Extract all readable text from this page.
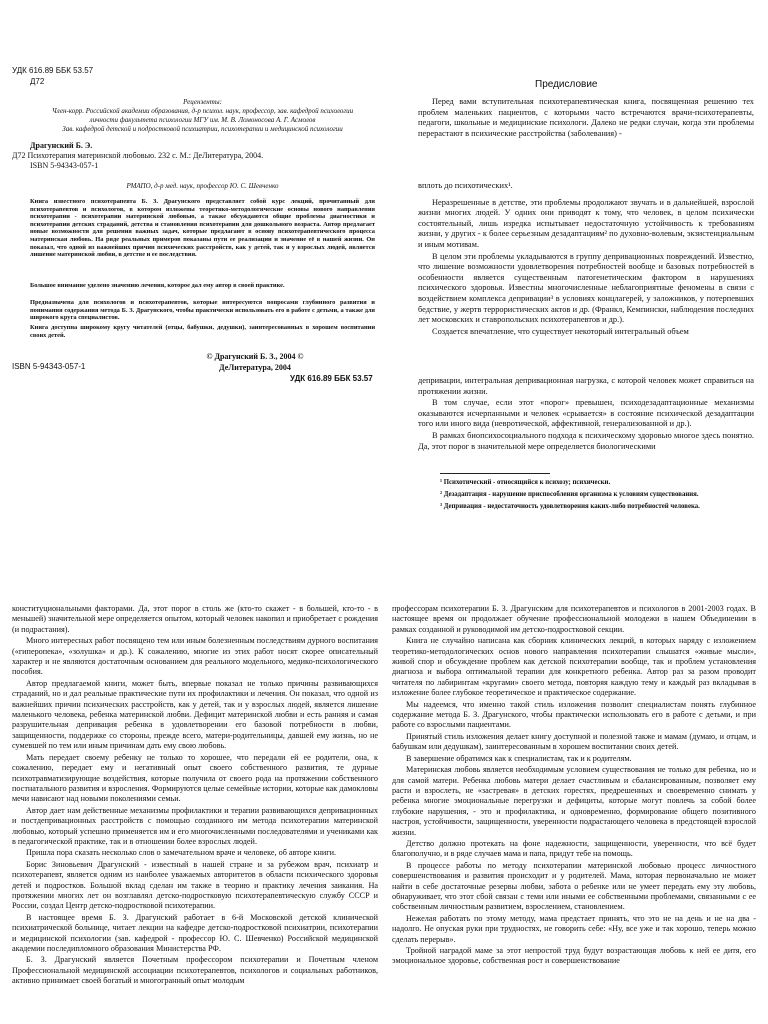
УДК 616.89 ББК 53.57
Д72
Рецензенты:
Член-корр. Российской академии образования, д-р психол. наук, профессор, зав. кафедрой психологии личности факультета психологии МГУ им. М. В. Ломоносова А. Г. Асмолов
Зав. кафедрой детской и подростковой психиатрии, психотерапии и медицинской психологии
Драгунский Б. Э.
Д72 Психотерапия материнской любовью. 232 с. М.: ДеЛитература, 2004.
ISBN 5-94343-057-1
РМАПО, д-р мед. наук, профессор Ю. С. Шевченко
Книга известного психотерапевта Б. З. Драгунского представляет собой курс лекций, прочитанный для психотерапевтов и психологов, в котором изложены теоретико-методологические основы нового направления психотерапии - психотерапии материнской любовью, а также обсуждаются общие проблемы диагностики и психотерапии детских страданий, детства и становления психотерапии для дошкольного возраста. Автор предлагает новые возможности для решения важных задач, которые предлагают в основу психотерапевтического процесса материнская любовь. На ряде реальных примеров показаны пути ее реализации и значение её в нашей жизни. Он показал, что одной из важнейших причин психических расстройств, как у детей, так и у взрослых людей, является лишение материнской любви, в детстве и ее последствия.
Большое внимание уделено значению лечения, которое дал ему автор в своей практике.
Предназначена для психологов и психотерапевтов, которые интересуются вопросами глубинного развития и понимания содержания метода Б. З. Драгунского, чтобы практически использовать его в работе с детьми, а также для широкого круга специалистов.
Книга доступна широкому кругу читателей (отцы, бабушки, дедушки), заинтересованных в хорошем воспитании своих детей.
© Драгунский Б. З., 2004 ©
ДеЛитература, 2004
ISBN 5-94343-057-1
УДК 616.89 ББК 53.57
Предисловие

Перед вами вступительная психотерапевтическая книга, посвященная решению тех проблем маленьких пациентов, с которыми часто встречаются врачи-психотерапевты, педагоги, школьные и медицинские психологи. Далеко не редки случаи, когда эти проблемы перерастают в психические расстройства (заболевания) -

вплоть до психотических¹.

Неразрешенные в детстве, эти проблемы продолжают звучать и в дальнейшей, взрослой жизни многих людей. У одних они приводят к тому, что человек, в целом психически состоятельный, лишь изредка испытывает недостаточную устойчивость к требованиям жизни, у других - к более серьезным дезадаптациям² по духовно-волевым, экзистенциальным и иным мотивам.

В целом эти проблемы укладываются в группу депривационных повреждений. Известно, что лишение возможности удовлетворения потребностей вообще и базовых потребностей в особенности является существенным патогенетическим фактором в нарушениях психического здоровья. Известны многочисленные неблагоприятные феномены в связи с воздействием комплекса депривации³ в условиях концлагерей, у заложников, у потерпевших бедствие, у жертв террористических актов и др. (Франкл, Кемпински, наблюдения последних лет московских и ставропольских психотерапевтов и др.).

Создается впечатление, что существует некоторый интегральный объем

депривации, интегральная депривационная нагрузка, с которой человек может справиться на протяжении жизни.

В том случае, если этот «порог» превышен, психодезадаптационные механизмы оказываются исчерпанными и человек «срывается» в состояние психической дезадаптации того или иного вида (невротической, аффективной, генерализованной и др.).

В рамках биопсихосоциального подхода к психическому здоровью многое здесь понятно. Да, этот порог в значительной мере определяется биологическими

¹ Психотический - относящийся к психозу; психически.
² Дезадаптация - нарушение приспособления организма к условиям существования.
³ Депривация - недостаточность удовлетворения каких-либо потребностей человека.

конституциональными факторами. Да, этот порог в столь же (кто-то скажет - в большей, кто-то - в меньшей) значительной мере определяется опытом, который человек накопил и приобретает с рождения (и подрастания).

Много интересных работ посвящено тем или иным болезненным последствиям дурного воспитания («гиперопека», «золушка» и др.). К сожалению, многие из этих работ носят скорее описательный характер и не являются достаточным основанием для реального модельного, медико-психологического пособия.

Автор предлагаемой книги, может быть, впервые показал не только причины развивающихся страданий, но и дал реальные практические пути их профилактики и лечения. Он показал, что одной из важнейших причин психических расстройств, как у детей, так и у взрослых людей, является лишение маленького человека, ребенка материнской любви. Дефицит материнской любви и есть ранняя и самая разрушительная депривация ребенка в удовлетворении его базовой потребности в любви, защищенности, поддержке со стороны, прежде всего, матери-родительницы, давшей ему жизнь, но не сумевшей по тем или иным причинам дать ему свою любовь.

Мать передает своему ребенку не только то хорошее, что передали ей ее родители, она, к сожалению, передает ему и негативный опыт своего собственного развития, те дурные психотравматизирующие воздействия, которые получила от своего рода на протяжении собственного постнатального развития и взросления. Формируются целые семейные истории, которые как дамокловы мечи нависают над новыми поколениями семьи.

Автор дает нам действенные механизмы профилактики и терапии развивающихся депривационных и постдепривационных расстройств с помощью созданного им метода психотерапии материнской любовью, который успешно применяется им и его многочисленными последователями и учениками как в педагогической практике, так и в отношении более взрослых людей.

Пришла пора сказать несколько слов о замечательном враче и человеке, об авторе книги.

Борис Зиновьевич Драгунский - известный в нашей стране и за рубежом врач, психиатр и психотерапевт, является одним из наиболее уважаемых авторитетов в области психического здоровья детей и подростков. Большой вклад сделан им также в теорию и практику лечения заикания. На протяжении многих лет он возглавлял детско-подростковую психотерапевтическую службу СССР и России, создал Центр детско-подростковой психотерапии.

В настоящее время Б. З. Драгунский работает в 6-й Московской детской клинической психиатрической больнице, читает лекции на кафедре детско-подростковой психиатрии, психотерапии и медицинской психологии (зав. кафедрой - профессор Ю. С. Шевченко) Российской медицинской академии последипломного образования Министерства РФ.

Б. З. Драгунский является Почетным профессором психотерапии и Почетным членом Профессиональной медицинской ассоциации психотерапевтов, психологов и социальных работников, активно принимает своей богатый и многогранный опыт молодым

профессорам психотерапии Б. З. Драгунским для психотерапевтов и психологов в 2001-2003 годах. В настоящее время он продолжает обучение профессиональной молодежи в нашем Объединении в рамках созданной и руководимой им детско-подростковой секции.

Книга не случайно написана как сборник клинических лекций, в которых наряду с изложением теоретико-методологических основ нового направления психотерапии слышатся «живые мысли», живой спор и обсуждение проблем как детской психотерапии вообще, так и проблем установления диагноза и выбора оптимальной терапии для конкретного ребенка. Автор раз за разом проводит читателя по лабиринтам «кругами» своего метода, повторяя каждую тему и каждый раз вкладывая в изложение более глубокое теоретическое и практическое содержание.

Мы надеемся, что именно такой стиль изложения позволит специалистам понять глубинное содержание метода Б. З. Драгунского, чтобы практически использовать его в работе с детьми, и при работе со взрослыми пациентами.

Принятый стиль изложения делает книгу доступной и полезной также и мамам (думаю, и отцам, и бабушкам или дедушкам), заинтересованным в хорошем воспитании своих детей.

В завершение обратимся как к специалистам, так и к родителям.

Материнская любовь является необходимым условием существования не только для ребенка, но и для самой матери. Ребенка любовь матери делает счастливым и сбалансированным, позволяет ему расти и взрослеть, не «застревая» в детских горестях, предрешенных и своевременно снимать у ребенка многие эмоциональные перегрузки и дефициты, которые могут повлечь за собой более глубокие нарушения, - это и профилактика, и одновременно, формирование общего позитивного настроя, устойчивости, защищенности, уверенности подрастающего человека в предстоящей взрослой жизни.

Детство должно протекать на фоне надежности, защищенности, уверенности, что всё будет благополучно, и в ряде случаев мама и папа, придут тебе на помощь.

В процессе работы по методу психотерапии материнской любовью процесс личностного совершенствования и развития происходит и у родителей. Мама, которая первоначально не может найти в себе достаточные резервы любви, забота о ребенке или не умеет передать ему эту любовь, обнаруживает, что этот сбой связан с теми или иными ее собственными проблемами, связанными с ее собственным личностным развитием, взрослением, становлением.

Нежелая работать по этому методу, мама предстает принять, что это не на день и не на два - надолго. Не опуская руки при трудностях, не говорить себе: «Ну, все уже и так хорошо, теперь можно сделать перерыв».

Тройной наградой маме за этот непростой труд будут возрастающая любовь к ней ее дитя, его эмоциональное здоровье, собственная рост и совершенствование
